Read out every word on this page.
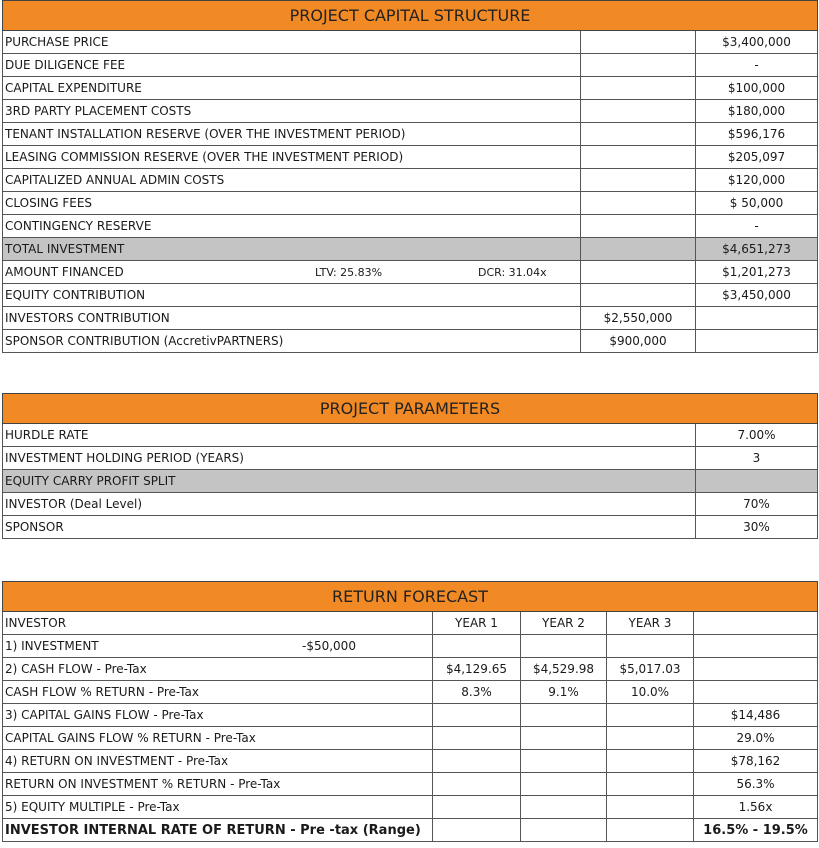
PROJECT CAPITAL STRUCTURE		
PURCHASE PRICE		$3,400,000
DUE DILIGENCE FEE		-
CAPITAL EXPENDITURE		$100,000
3RD PARTY PLACEMENT COSTS		$180,000
TENANT INSTALLATION RESERVE (OVER THE INVESTMENT PERIOD)		$596,176
LEASING COMMISSION RESERVE (OVER THE INVESTMENT PERIOD)		$205,097
CAPITALIZED ANNUAL ADMIN COSTS		$120,000
CLOSING FEES		$ 50,000
CONTINGENCY RESERVE		-
TOTAL INVESTMENT		$4,651,273
AMOUNT FINANCED LTV: 25.83% DCR: 31.04x		$1,201,273
EQUITY CONTRIBUTION		$3,450,000
INVESTORS CONTRIBUTION	$2,550,000	
SPONSOR CONTRIBUTION (AccretivPARTNERS)	$900,000	
PROJECT PARAMETERS	
HURDLE RATE	7.00%
INVESTMENT HOLDING PERIOD (YEARS)	3
EQUITY CARRY PROFIT SPLIT	
INVESTOR (Deal Level)	70%
SPONSOR	30%
RETURN FORECAST				
INVESTOR	YEAR 1	YEAR 2	YEAR 3	
1) INVESTMENT -$50,000				
2) CASH FLOW - Pre-Tax	$4,129.65	$4,529.98	$5,017.03	
CASH FLOW % RETURN - Pre-Tax	8.3%	9.1%	10.0%	
3) CAPITAL GAINS FLOW - Pre-Tax				$14,486
CAPITAL GAINS FLOW % RETURN - Pre-Tax				29.0%
4) RETURN ON INVESTMENT - Pre-Tax				$78,162
RETURN ON INVESTMENT % RETURN - Pre-Tax				56.3%
5) EQUITY MULTIPLE - Pre-Tax				1.56x
INVESTOR INTERNAL RATE OF RETURN - Pre -tax (Range)				16.5% - 19.5%
